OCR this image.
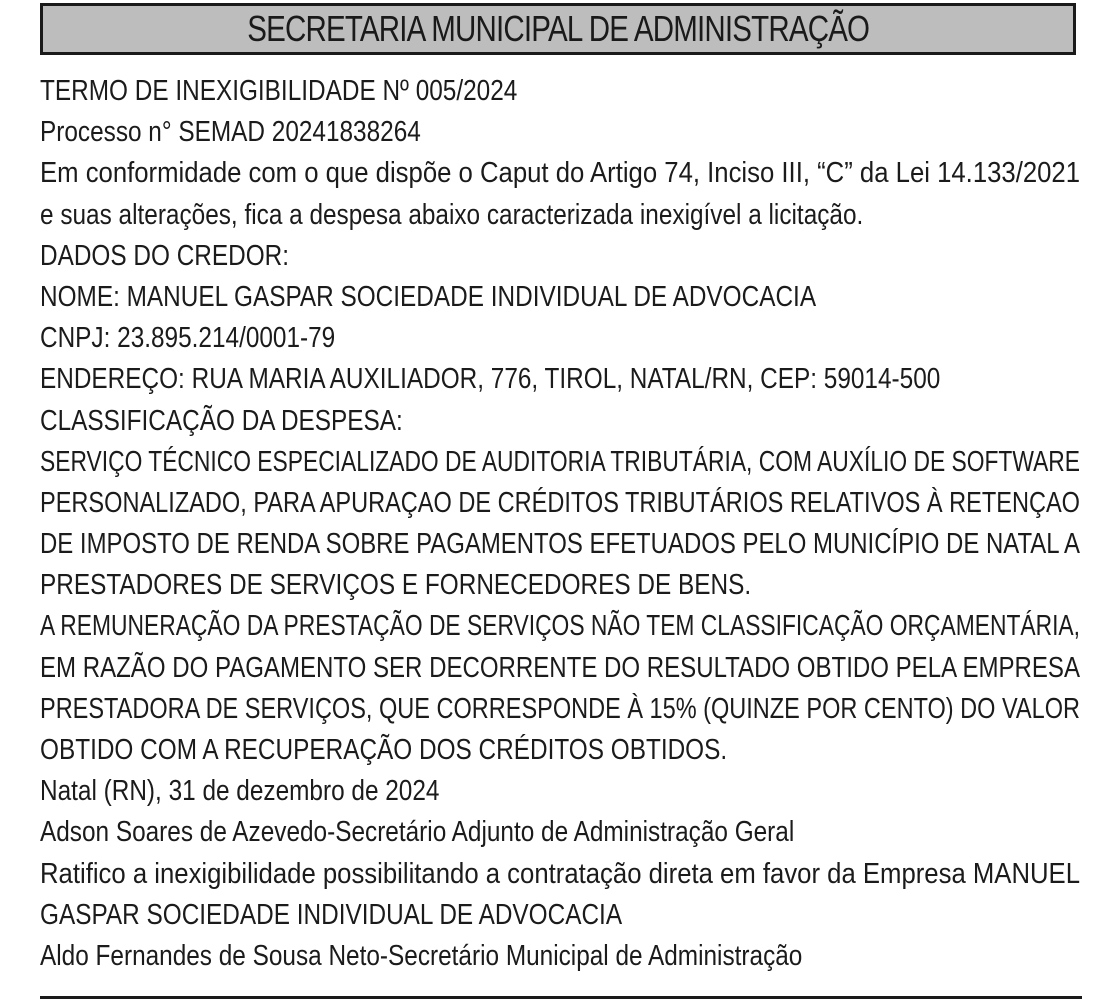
SECRETARIA MUNICIPAL DE ADMINISTRAÇÃO
TERMO DE INEXIGIBILIDADE Nº 005/2024
Processo n° SEMAD 20241838264
Em conformidade com o que dispõe o Caput do Artigo 74, Inciso III, “C” da Lei 14.133/2021
e suas alterações, fica a despesa abaixo caracterizada inexigível a licitação.
DADOS DO CREDOR:
NOME: MANUEL GASPAR SOCIEDADE INDIVIDUAL DE ADVOCACIA
CNPJ: 23.895.214/0001-79
ENDEREÇO: RUA MARIA AUXILIADOR, 776, TIROL, NATAL/RN, CEP: 59014-500
CLASSIFICAÇÃO DA DESPESA:
SERVIÇO TÉCNICO ESPECIALIZADO DE AUDITORIA TRIBUTÁRIA, COM AUXÍLIO DE SOFTWARE
PERSONALIZADO, PARA APURAÇAO DE CRÉDITOS TRIBUTÁRIOS RELATIVOS À RETENÇAO
DE IMPOSTO DE RENDA SOBRE PAGAMENTOS EFETUADOS PELO MUNICÍPIO DE NATAL A
PRESTADORES DE SERVIÇOS E FORNECEDORES DE BENS.
A REMUNERAÇÃO DA PRESTAÇÃO DE SERVIÇOS NÃO TEM CLASSIFICAÇÃO ORÇAMENTÁRIA,
EM RAZÃO DO PAGAMENTO SER DECORRENTE DO RESULTADO OBTIDO PELA EMPRESA
PRESTADORA DE SERVIÇOS, QUE CORRESPONDE À 15% (QUINZE POR CENTO) DO VALOR
OBTIDO COM A RECUPERAÇÃO DOS CRÉDITOS OBTIDOS.
Natal (RN), 31 de dezembro de 2024
Adson Soares de Azevedo-Secretário Adjunto de Administração Geral
Ratifico a inexigibilidade possibilitando a contratação direta em favor da Empresa MANUEL
GASPAR SOCIEDADE INDIVIDUAL DE ADVOCACIA
Aldo Fernandes de Sousa Neto-Secretário Municipal de Administração
